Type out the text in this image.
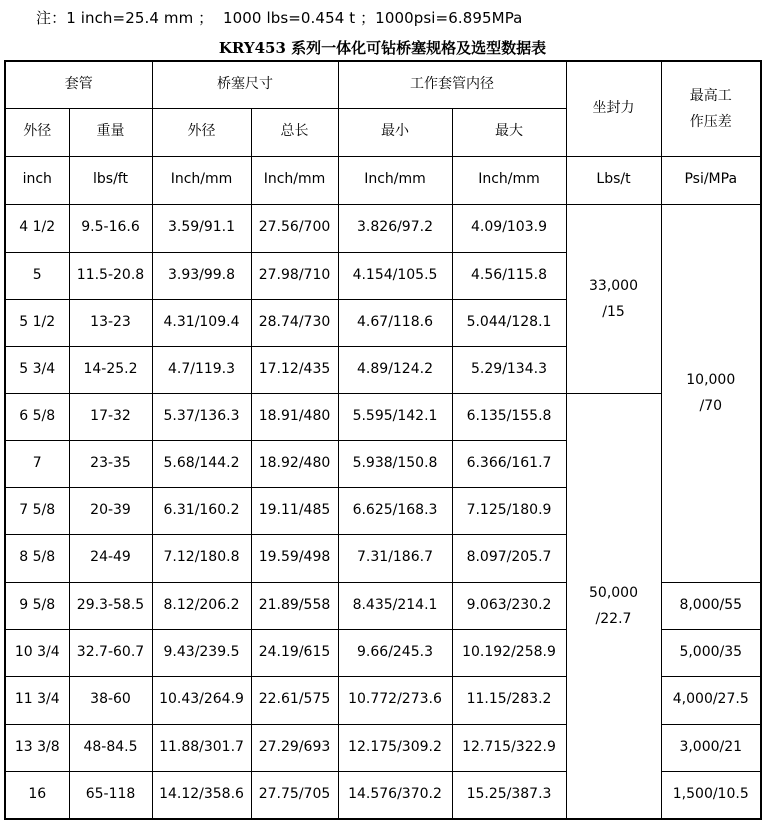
注：1 inch=25.4 mm ；  1000 lbs=0.454 t ；1000psi=6.895MPa
KRY453 系列一体化可钻桥塞规格及选型数据表
套管		桥塞尺寸		工作套管内径		坐封力	最高工
作压差
外径	重量	外径	总长	最小	最大		
inch	lbs/ft	Inch/mm	Inch/mm	Inch/mm	Inch/mm	Lbs/t	Psi/MPa
4 1/2	9.5-16.6	3.59/91.1	27.56/700	3.826/97.2	4.09/103.9	33,000
/15	10,000
/70
5	11.5-20.8	3.93/99.8	27.98/710	4.154/105.5	4.56/115.8		
5 1/2	13-23	4.31/109.4	28.74/730	4.67/118.6	5.044/128.1		
5 3/4	14-25.2	4.7/119.3	17.12/435	4.89/124.2	5.29/134.3		
6 5/8	17-32	5.37/136.3	18.91/480	5.595/142.1	6.135/155.8	50,000
/22.7	
7	23-35	5.68/144.2	18.92/480	5.938/150.8	6.366/161.7		
7 5/8	20-39	6.31/160.2	19.11/485	6.625/168.3	7.125/180.9		
8 5/8	24-49	7.12/180.8	19.59/498	7.31/186.7	8.097/205.7		
9 5/8	29.3-58.5	8.12/206.2	21.89/558	8.435/214.1	9.063/230.2		8,000/55
10 3/4	32.7-60.7	9.43/239.5	24.19/615	9.66/245.3	10.192/258.9		5,000/35
11 3/4	38-60	10.43/264.9	22.61/575	10.772/273.6	11.15/283.2		4,000/27.5
13 3/8	48-84.5	11.88/301.7	27.29/693	12.175/309.2	12.715/322.9		3,000/21
16	65-118	14.12/358.6	27.75/705	14.576/370.2	15.25/387.3		1,500/10.5
